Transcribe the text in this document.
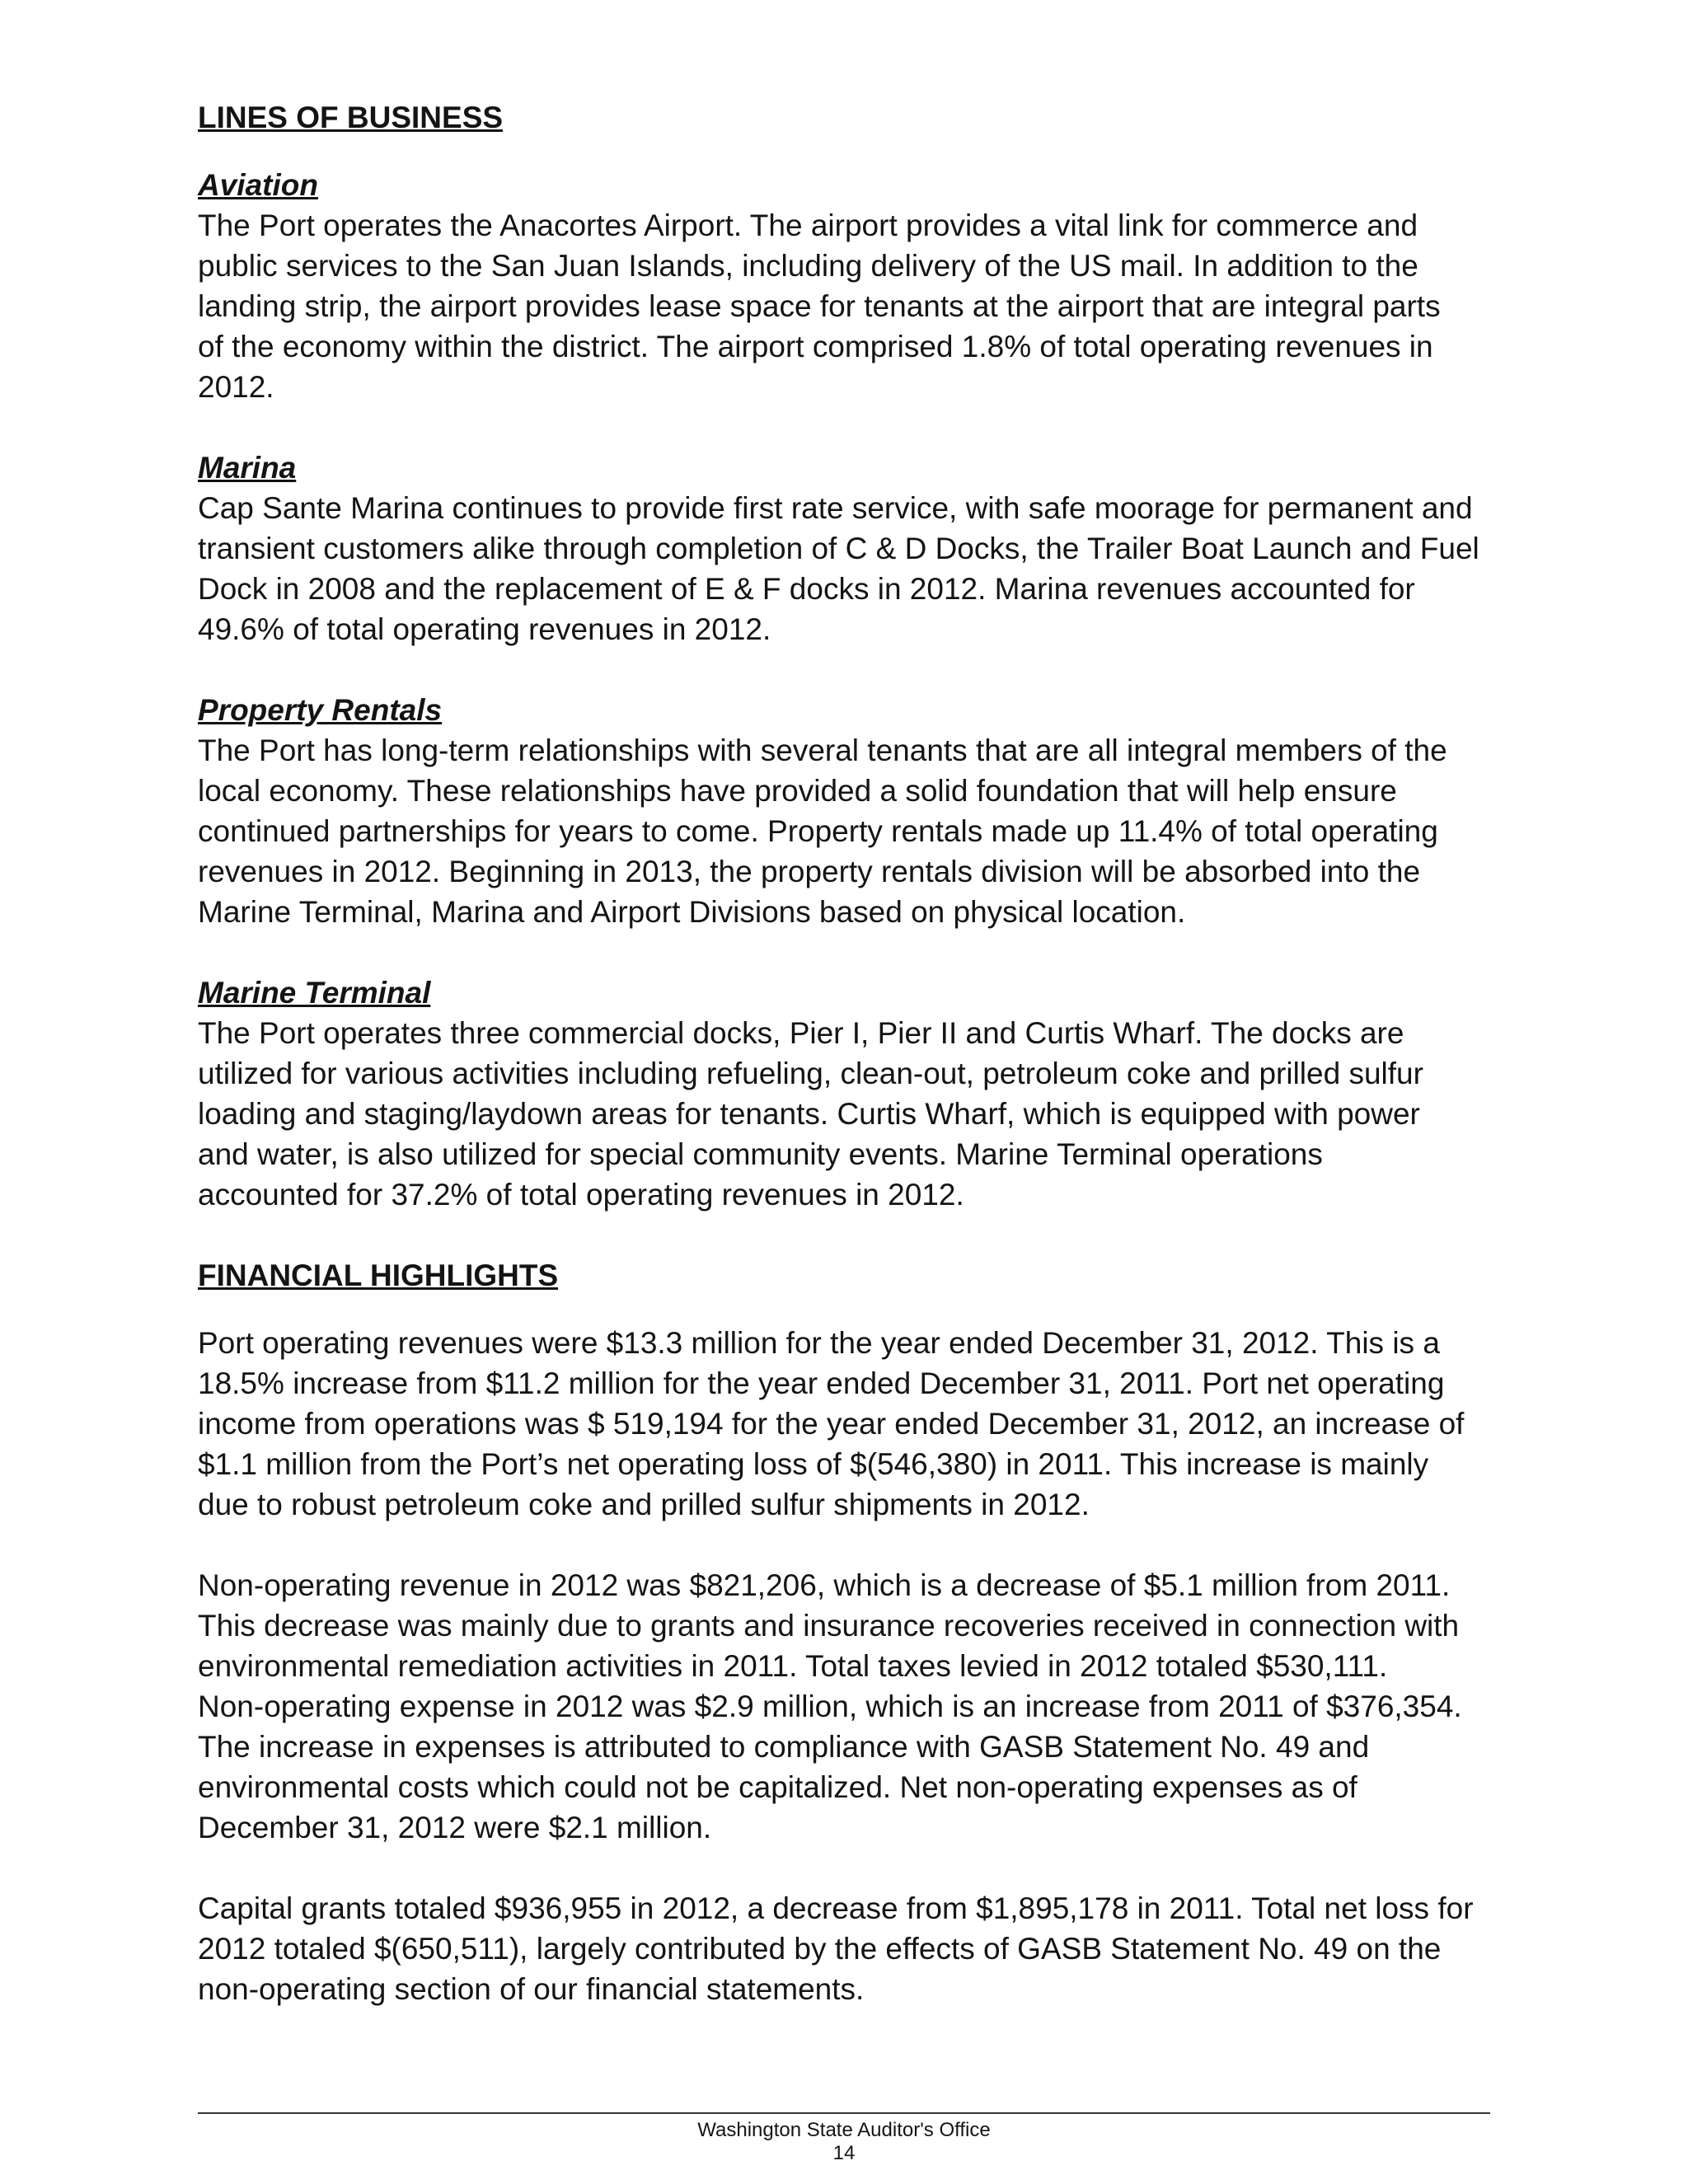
LINES OF BUSINESS
Aviation

The Port operates the Anacortes Airport. The airport provides a vital link for commerce and
public services to the San Juan Islands, including delivery of the US mail. In addition to the
landing strip, the airport provides lease space for tenants at the airport that are integral parts
of the economy within the district. The airport comprised 1.8% of total operating revenues in
2012.

Marina

Cap Sante Marina continues to provide first rate service, with safe moorage for permanent and
transient customers alike through completion of C & D Docks, the Trailer Boat Launch and Fuel
Dock in 2008 and the replacement of E & F docks in 2012. Marina revenues accounted for
49.6% of total operating revenues in 2012.

Property Rentals

The Port has long-term relationships with several tenants that are all integral members of the
local economy. These relationships have provided a solid foundation that will help ensure
continued partnerships for years to come. Property rentals made up 11.4% of total operating
revenues in 2012. Beginning in 2013, the property rentals division will be absorbed into the
Marine Terminal, Marina and Airport Divisions based on physical location.

Marine Terminal

The Port operates three commercial docks, Pier I, Pier II and Curtis Wharf. The docks are
utilized for various activities including refueling, clean-out, petroleum coke and prilled sulfur
loading and staging/laydown areas for tenants. Curtis Wharf, which is equipped with power
and water, is also utilized for special community events. Marine Terminal operations
accounted for 37.2% of total operating revenues in 2012.

FINANCIAL HIGHLIGHTS

Port operating revenues were $13.3 million for the year ended December 31, 2012. This is a
18.5% increase from $11.2 million for the year ended December 31, 2011. Port net operating
income from operations was $ 519,194 for the year ended December 31, 2012, an increase of
$1.1 million from the Port’s net operating loss of $(546,380) in 2011. This increase is mainly
due to robust petroleum coke and prilled sulfur shipments in 2012.

Non-operating revenue in 2012 was $821,206, which is a decrease of $5.1 million from 2011.
This decrease was mainly due to grants and insurance recoveries received in connection with
environmental remediation activities in 2011. Total taxes levied in 2012 totaled $530,111.
Non-operating expense in 2012 was $2.9 million, which is an increase from 2011 of $376,354.
The increase in expenses is attributed to compliance with GASB Statement No. 49 and
environmental costs which could not be capitalized. Net non-operating expenses as of
December 31, 2012 were $2.1 million.

Capital grants totaled $936,955 in 2012, a decrease from $1,895,178 in 2011. Total net loss for
2012 totaled $(650,511), largely contributed by the effects of GASB Statement No. 49 on the
non-operating section of our financial statements.

Washington State Auditor's Office
14
